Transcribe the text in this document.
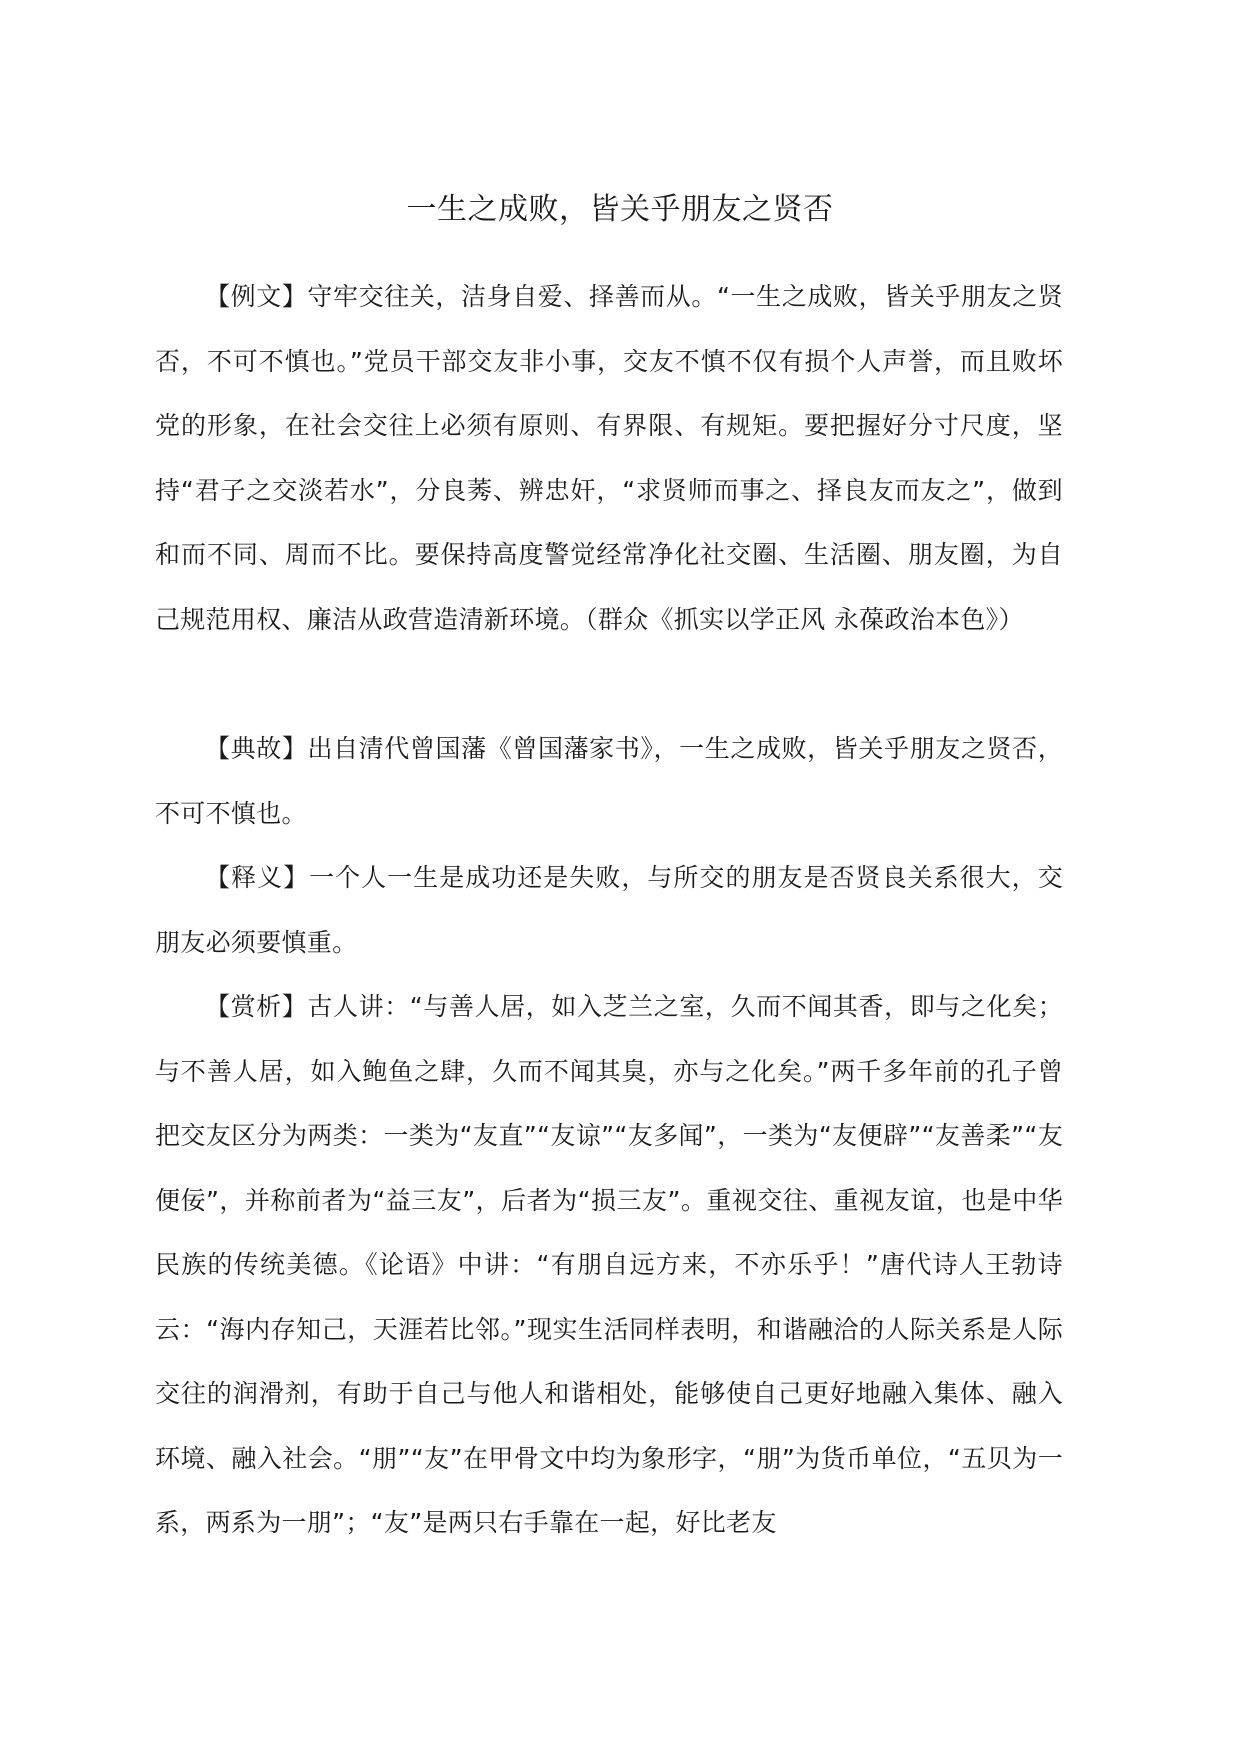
一生之成败，皆关乎朋友之贤否
【例文】守牢交往关，洁身自爱、择善而从。“一生之成败，皆关乎朋友之贤否，不可不慎也。”党员干部交友非小事，交友不慎不仅有损个人声誉，而且败坏党的形象，在社会交往上必须有原则、有界限、有规矩。要把握好分寸尺度，坚持“君子之交淡若水”，分良莠、辨忠奸，“求贤师而事之、择良友而友之”，做到和而不同、周而不比。要保持高度警觉经常净化社交圈、生活圈、朋友圈，为自己规范用权、廉洁从政营造清新环境。（群众《抓实以学正风 永葆政治本色》）
【典故】出自清代曾国藩《曾国藩家书》，一生之成败，皆关乎朋友之贤否，不可不慎也。
【释义】一个人一生是成功还是失败，与所交的朋友是否贤良关系很大，交朋友必须要慎重。
【赏析】古人讲：“与善人居，如入芝兰之室，久而不闻其香，即与之化矣；与不善人居，如入鲍鱼之肆，久而不闻其臭，亦与之化矣。”两千多年前的孔子曾把交友区分为两类：一类为“友直”“友谅”“友多闻”，一类为“友便辟”“友善柔”“友便佞”，并称前者为“益三友”，后者为“损三友”。重视交往、重视友谊，也是中华民族的传统美德。《论语》中讲：“有朋自远方来，不亦乐乎！”唐代诗人王勃诗云：“海内存知己，天涯若比邻。”现实生活同样表明，和谐融洽的人际关系是人际交往的润滑剂，有助于自己与他人和谐相处，能够使自己更好地融入集体、融入环境、融入社会。“朋”“友”在甲骨文中均为象形字，“朋”为货币单位，“五贝为一系，两系为一朋”；“友”是两只右手靠在一起，好比老友
